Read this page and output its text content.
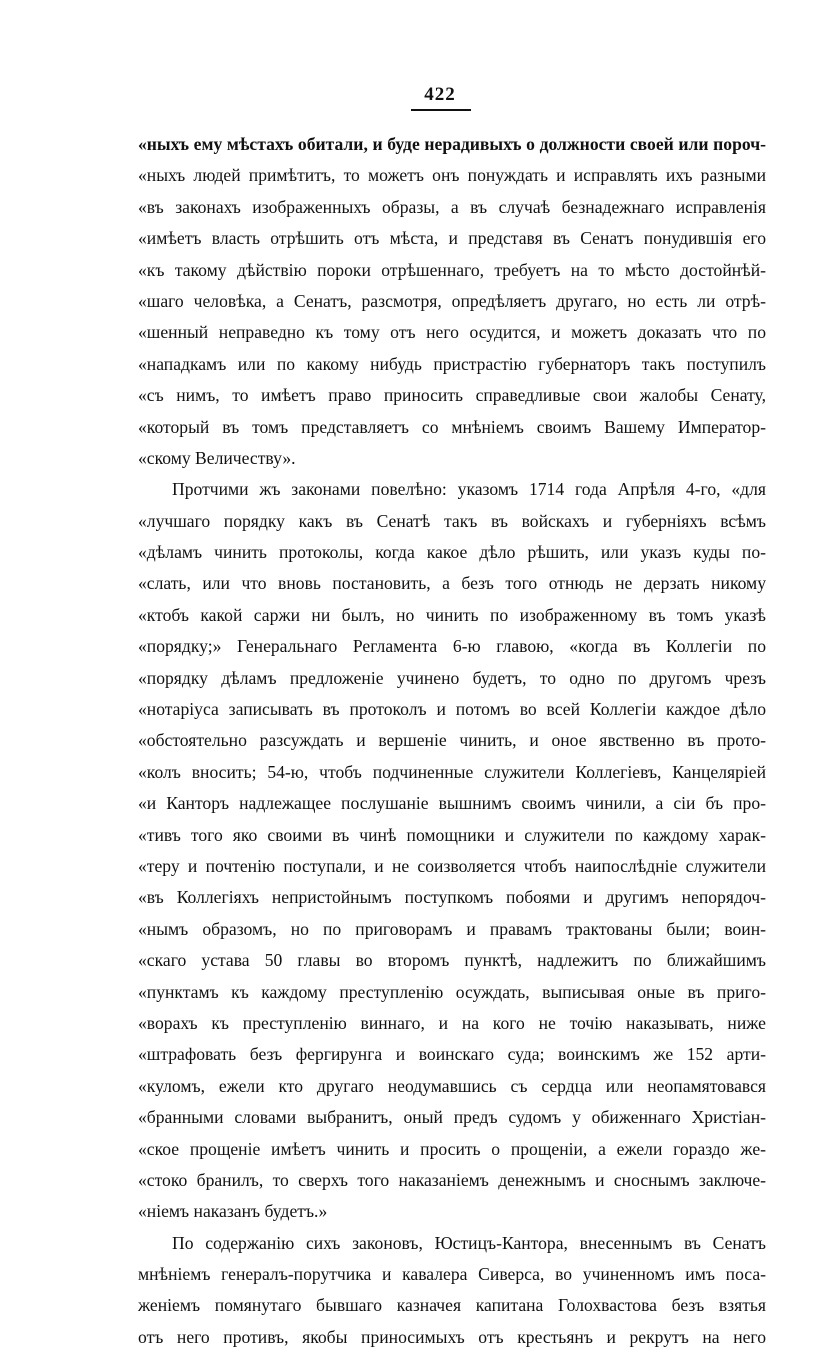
422
«ныхъ ему мѣстахъ обитали, и буде нерадивыхъ о должности своей или пороч-
«ныхъ людей примѣтитъ, то можетъ онъ понуждать и исправлять ихъ разными
«въ законахъ изображенныхъ образы, а въ случаѣ безнадежнаго исправленія
«имѣетъ власть отрѣшить отъ мѣста, и представя въ Сенатъ понудившія его
«къ такому дѣйствію пороки отрѣшеннаго, требуетъ на то мѣсто достойнѣй-
«шаго человѣка, а Сенатъ, разсмотря, опредѣляетъ другаго, но есть ли отрѣ-
«шенный неправедно къ тому отъ него осудится, и можетъ доказать что по
«нападкамъ или по какому нибудь пристрастію губернаторъ такъ поступилъ
«съ нимъ, то имѣетъ право приносить справедливые свои жалобы Сенату,
«который въ томъ представляетъ со мнѣніемъ своимъ Вашему Император-
«скому Величеству».
Протчими жъ законами повелѣно: указомъ 1714 года Апрѣля 4-го, «для
«лучшаго порядку какъ въ Сенатѣ такъ въ войскахъ и губерніяхъ всѣмъ
«дѣламъ чинить протоколы, когда какое дѣло рѣшить, или указъ куды по-
«слать, или что вновь постановить, а безъ того отнюдь не дерзать никому
«ктобъ какой саржи ни былъ, но чинить по изображенному въ томъ указѣ
«порядку;» Генеральнаго Регламента 6-ю главою, «когда въ Коллегіи по
«порядку дѣламъ предложеніе учинено будетъ, то одно по другомъ чрезъ
«нотаріуса записывать въ протоколъ и потомъ во всей Коллегіи каждое дѣло
«обстоятельно разсуждать и вершеніе чинить, и оное явственно въ прото-
«колъ вносить; 54-ю, чтобъ подчиненные служители Коллегіевъ, Канцеляріей
«и Канторъ надлежащее послушаніе вышнимъ своимъ чинили, а сіи бъ про-
«тивъ того яко своими въ чинѣ помощники и служители по каждому харак-
«теру и почтенію поступали, и не соизволяется чтобъ наипослѣдніе служители
«въ Коллегіяхъ непристойнымъ поступкомъ побоями и другимъ непорядоч-
«нымъ образомъ, но по приговорамъ и правамъ трактованы были; воин-
«скаго устава 50 главы во второмъ пунктѣ, надлежитъ по ближайшимъ
«пунктамъ къ каждому преступленію осуждать, выписывая оные въ приго-
«ворахъ къ преступленію виннаго, и на кого не точію наказывать, ниже
«штрафовать безъ фергирунга и воинскаго суда; воинскимъ же 152 арти-
«куломъ, ежели кто другаго неодумавшись съ сердца или неопамятовався
«бранными словами выбранитъ, оный предъ судомъ у обиженнаго Христіан-
«ское прощеніе имѣетъ чинить и просить о прощеніи, а ежели гораздо же-
«стоко бранилъ, то сверхъ того наказаніемъ денежнымъ и сноснымъ заключе-
«ніемъ наказанъ будетъ.»
По содержанію сихъ законовъ, Юстицъ-Кантора, внесеннымъ въ Сенатъ
мнѣніемъ генералъ-порутчика и кавалера Сиверса, во учиненномъ имъ поса-
женіемъ помянутаго бывшаго казначея капитана Голохвастова безъ взятья
отъ него противъ, якобы приносимыхъ отъ крестьянъ и рекрутъ на него
